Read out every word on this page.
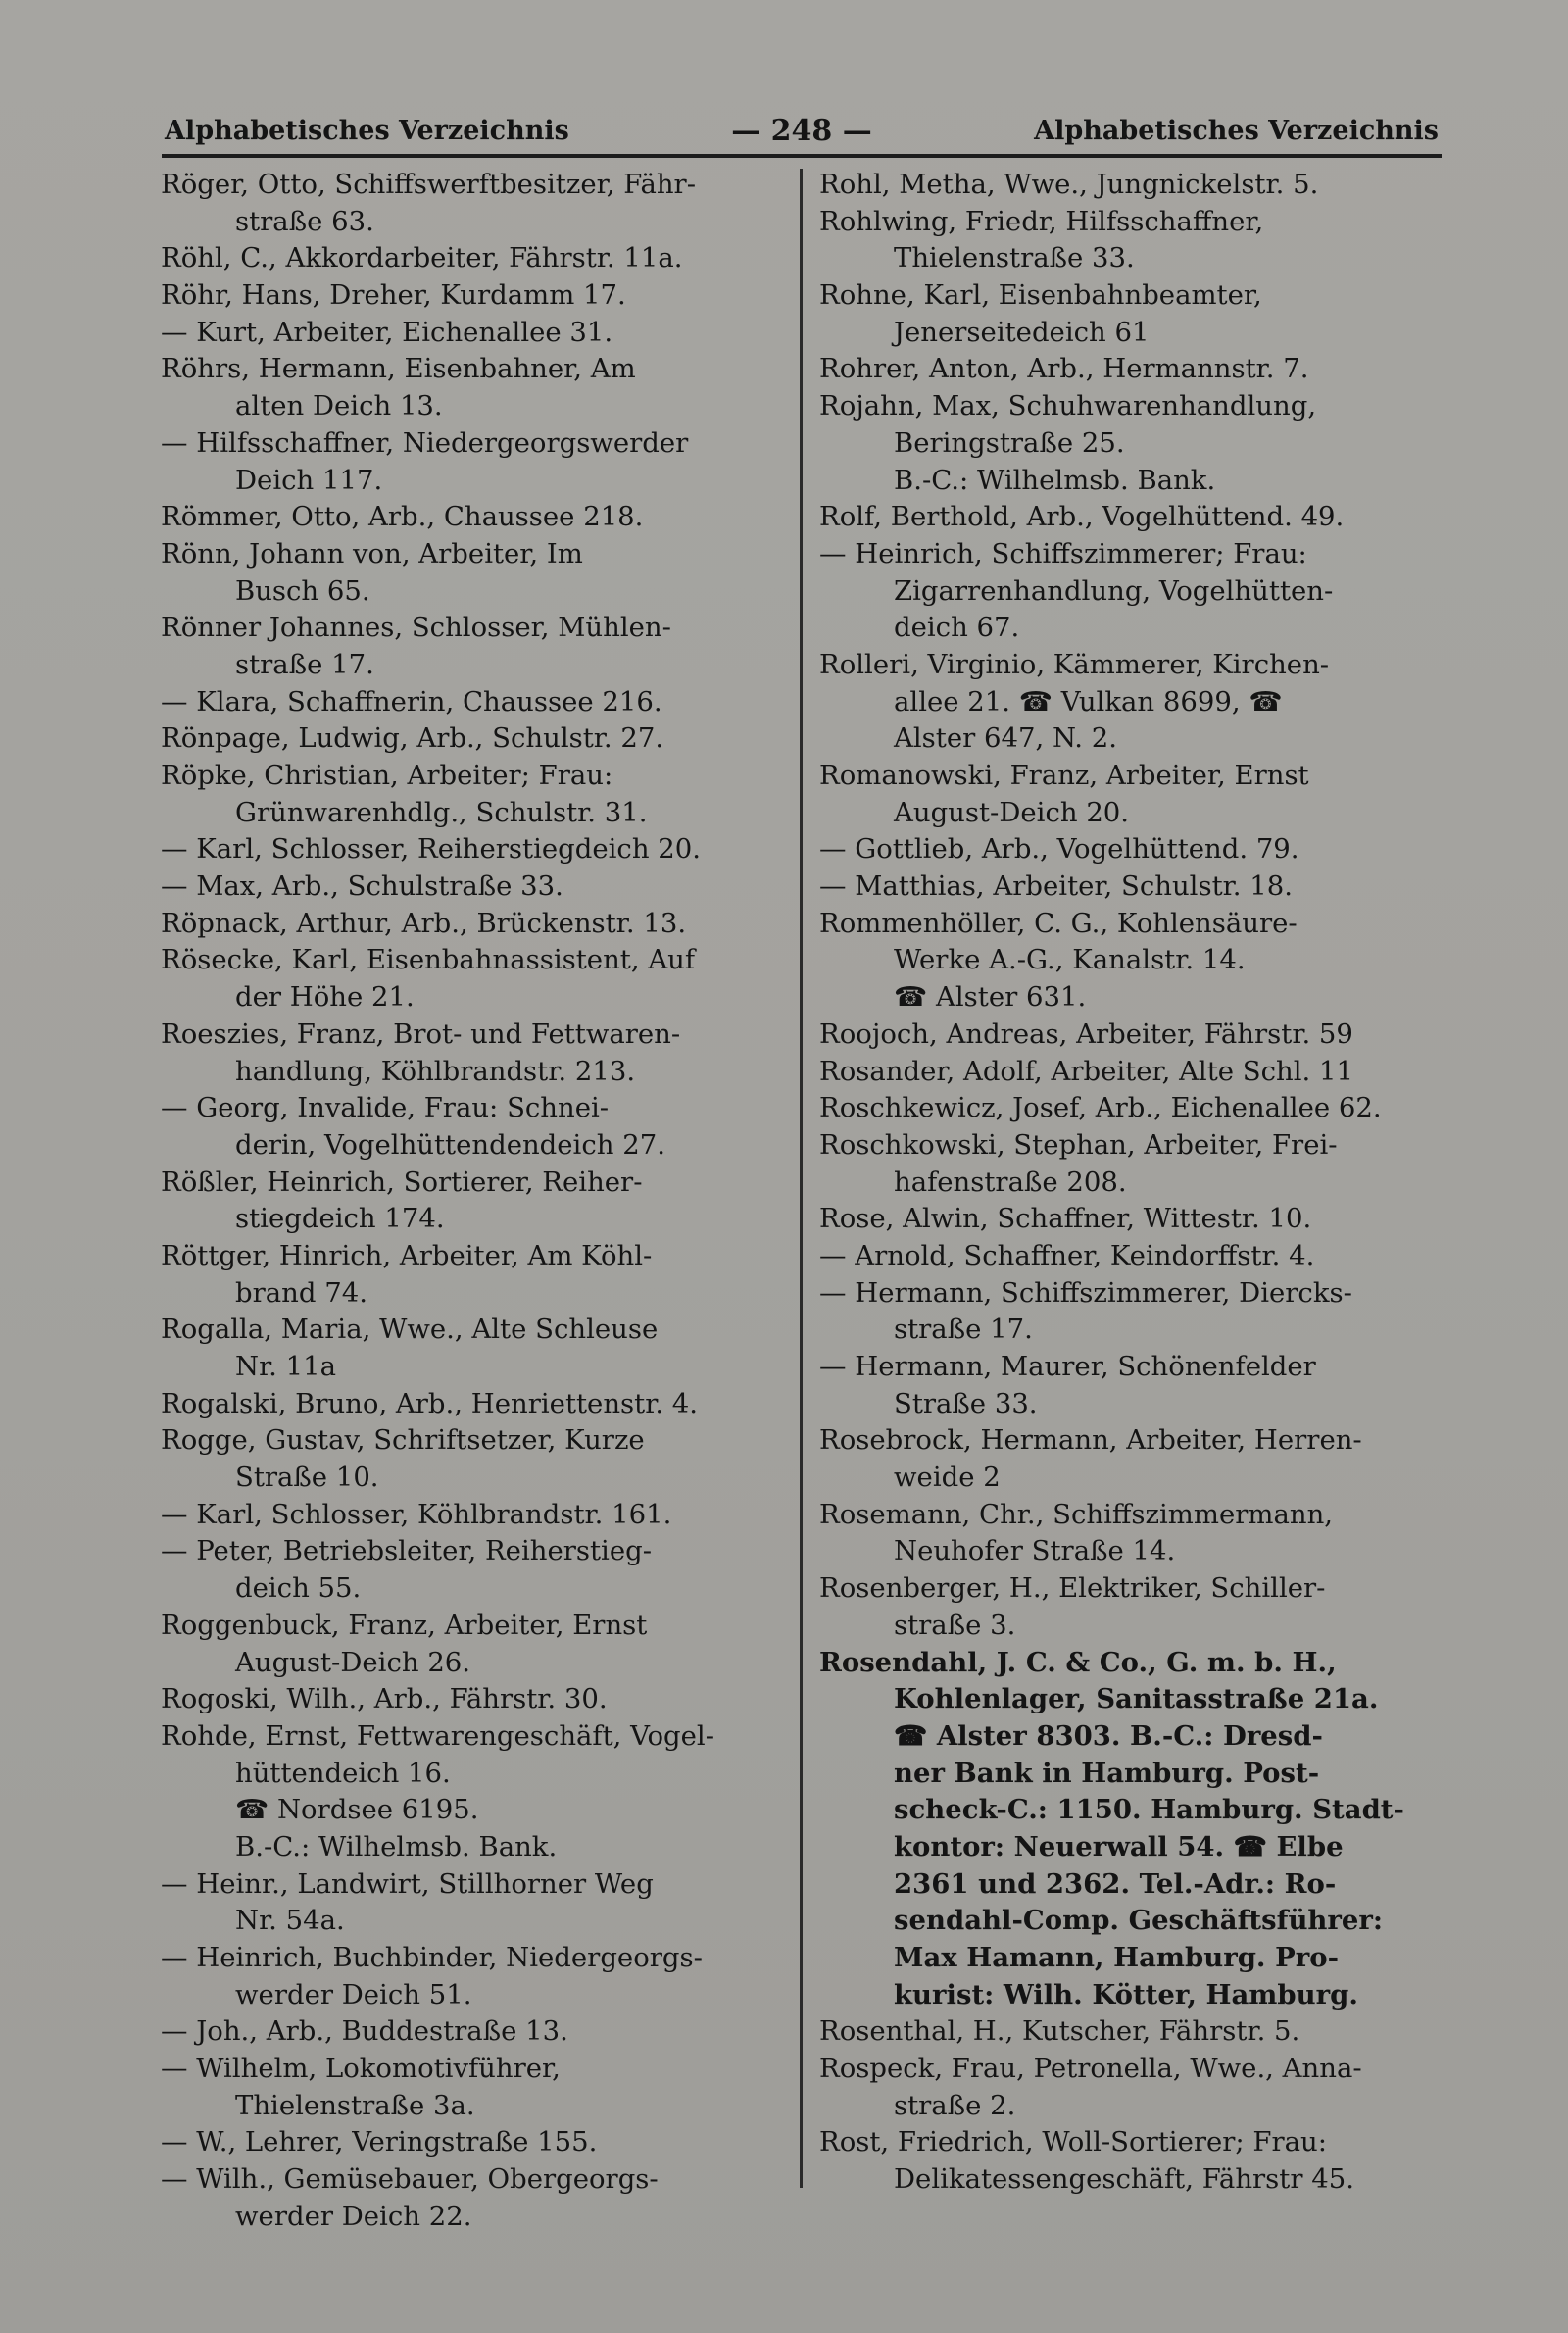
Alphabetisches Verzeichnis	— 248 —	Alphabetisches Verzeichnis
Röger, Otto, Schiffswerftbesitzer, Fähr-
straße 63.
Röhl, C., Akkordarbeiter, Fährstr. 11a.
Röhr, Hans, Dreher, Kurdamm 17.
— Kurt, Arbeiter, Eichenallee 31.
Röhrs, Hermann, Eisenbahner, Am
alten Deich 13.
— Hilfsschaffner, Niedergeorgswerder
Deich 117.
Römmer, Otto, Arb., Chaussee 218.
Rönn, Johann von, Arbeiter, Im
Busch 65.
Rönner Johannes, Schlosser, Mühlen-
straße 17.
— Klara, Schaffnerin, Chaussee 216.
Rönpage, Ludwig, Arb., Schulstr. 27.
Röpke, Christian, Arbeiter; Frau:
Grünwarenhdlg., Schulstr. 31.
— Karl, Schlosser, Reiherstiegdeich 20.
— Max, Arb., Schulstraße 33.
Röpnack, Arthur, Arb., Brückenstr. 13.
Rösecke, Karl, Eisenbahnassistent, Auf
der Höhe 21.
Roeszies, Franz, Brot- und Fettwaren-
handlung, Köhlbrandstr. 213.
— Georg, Invalide, Frau: Schnei-
derin, Vogelhüttendendeich 27.
Rößler, Heinrich, Sortierer, Reiher-
stiegdeich 174.
Röttger, Hinrich, Arbeiter, Am Köhl-
brand 74.
Rogalla, Maria, Wwe., Alte Schleuse
Nr. 11a
Rogalski, Bruno, Arb., Henriettenstr. 4.
Rogge, Gustav, Schriftsetzer, Kurze
Straße 10.
— Karl, Schlosser, Köhlbrandstr. 161.
— Peter, Betriebsleiter, Reiherstieg-
deich 55.
Roggenbuck, Franz, Arbeiter, Ernst
August-Deich 26.
Rogoski, Wilh., Arb., Fährstr. 30.
Rohde, Ernst, Fettwarengeschäft, Vogel-
hüttendeich 16.
☎ Nordsee 6195.
B.-C.: Wilhelmsb. Bank.
— Heinr., Landwirt, Stillhorner Weg
Nr. 54a.
— Heinrich, Buchbinder, Niedergeorgs-
werder Deich 51.
— Joh., Arb., Buddestraße 13.
— Wilhelm, Lokomotivführer,
Thielenstraße 3a.
— W., Lehrer, Veringstraße 155.
— Wilh., Gemüsebauer, Obergeorgs-
werder Deich 22.
Rohl, Metha, Wwe., Jungnickelstr. 5.
Rohlwing, Friedr, Hilfsschaffner,
Thielenstraße 33.
Rohne, Karl, Eisenbahnbeamter,
Jenerseitedeich 61
Rohrer, Anton, Arb., Hermannstr. 7.
Rojahn, Max, Schuhwarenhandlung,
Beringstraße 25.
B.-C.: Wilhelmsb. Bank.
Rolf, Berthold, Arb., Vogelhüttend. 49.
— Heinrich, Schiffszimmerer; Frau:
Zigarrenhandlung, Vogelhütten-
deich 67.
Rolleri, Virginio, Kämmerer, Kirchen-
allee 21. ☎ Vulkan 8699, ☎
Alster 647, N. 2.
Romanowski, Franz, Arbeiter, Ernst
August-Deich 20.
— Gottlieb, Arb., Vogelhüttend. 79.
— Matthias, Arbeiter, Schulstr. 18.
Rommenhöller, C. G., Kohlensäure-
Werke A.-G., Kanalstr. 14.
☎ Alster 631.
Roojoch, Andreas, Arbeiter, Fährstr. 59
Rosander, Adolf, Arbeiter, Alte Schl. 11
Roschkewicz, Josef, Arb., Eichenallee 62.
Roschkowski, Stephan, Arbeiter, Frei-
hafenstraße 208.
Rose, Alwin, Schaffner, Wittestr. 10.
— Arnold, Schaffner, Keindorffstr. 4.
— Hermann, Schiffszimmerer, Diercks-
straße 17.
— Hermann, Maurer, Schönenfelder
Straße 33.
Rosebrock, Hermann, Arbeiter, Herren-
weide 2
Rosemann, Chr., Schiffszimmermann,
Neuhofer Straße 14.
Rosenberger, H., Elektriker, Schiller-
straße 3.
Rosendahl, J. C. & Co., G. m. b. H.,
Kohlenlager, Sanitasstraße 21a.
☎ Alster 8303. B.-C.: Dresd-
ner Bank in Hamburg. Post-
scheck-C.: 1150. Hamburg. Stadt-
kontor: Neuerwall 54. ☎ Elbe
2361 und 2362. Tel.-Adr.: Ro-
sendahl-Comp. Geschäftsführer:
Max Hamann, Hamburg. Pro-
kurist: Wilh. Kötter, Hamburg.
Rosenthal, H., Kutscher, Fährstr. 5.
Rospeck, Frau, Petronella, Wwe., Anna-
straße 2.
Rost, Friedrich, Woll-Sortierer; Frau:
Delikatessengeschäft, Fährstr 45.
